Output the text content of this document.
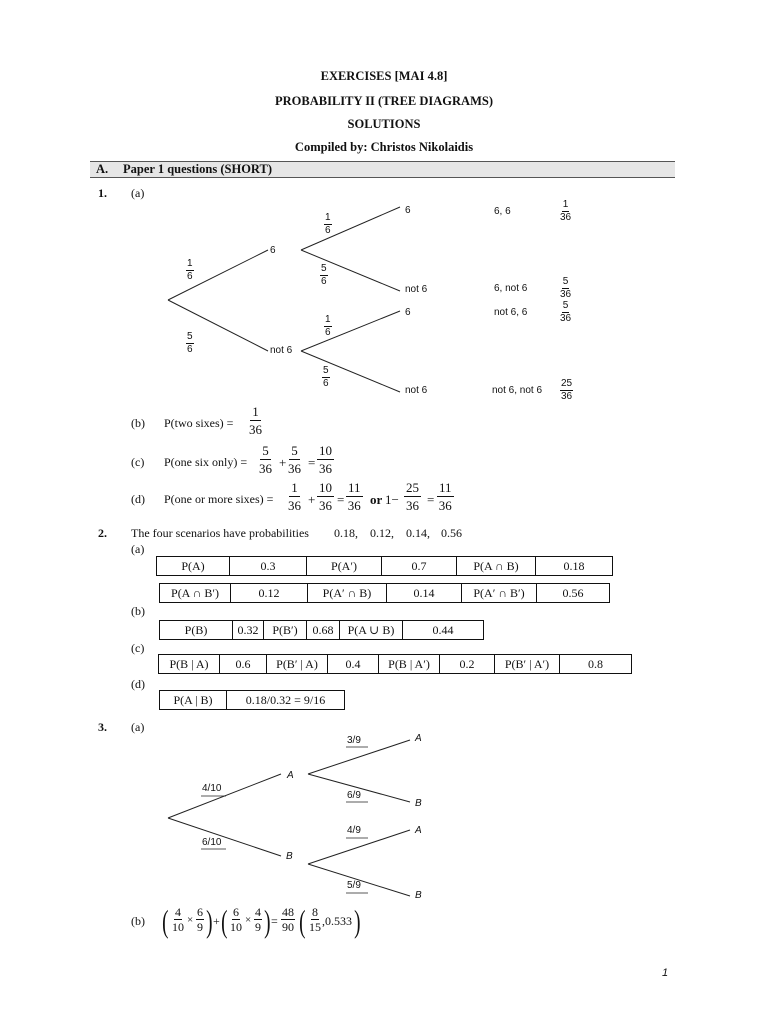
EXERCISES [MAI 4.8]
PROBABILITY II (TREE DIAGRAMS)
SOLUTIONS
Compiled by: Christos Nikolaidis
A. Paper 1 questions (SHORT)
1. (a)
$\frac{1}{6}$
$\frac{5}{6}$
6
not 6
$\frac{1}{6}$
$\frac{5}{6}$
$\frac{1}{6}$
$\frac{5}{6}$
6
not 6
6
not 6
6, 6	$\frac{1}{36}$
6, not 6	$\frac{5}{36}$
not 6, 6	$\frac{5}{36}$
not 6, not $6 \frac{25}{36}$
(b) P(two sixes) = $\frac{1}{36}$
(c) P(one six only) = $\frac{5}{36} + \frac{5}{36} = \frac{10}{36}$
(d) P(one or more sixes) = $\frac{1}{36} + \frac{10}{36} = \frac{11}{36}$ or $1- \frac{25}{36} = \frac{11}{36}$
2. The four scenarios have probabilities 0.18, 0.12, 0.14, 0.56
(a)
P(A)	0.3	P(A′)	0.7	P(A ∩ B)	0.18
P(A ∩ B′)	0.12	P(A′ ∩ B)	0.14	P(A′ ∩ B′)	0.56
(b)
P(B)	0.32	P(B′)	0.68	P(A ∪ B)	0.44
(c)
P(B | A)	0.6	P(B′ | A)	0.4	P(B | A′)	0.2	P(B′ | A′)	0.8
(d)
P(A | B)	0.18/0.32 = 9/16
3. (a)
4/10
6/10
A
B
3/9
6/9
4/9
5/9
A
B
A
B
(b) ( $\frac{4}{10} \times \frac{6}{9}$ ) + ( $\frac{6}{10} \times \frac{4}{9}$ ) = $\frac{48}{90}$ ( $\frac{8}{15} ,0.533$ )
1
